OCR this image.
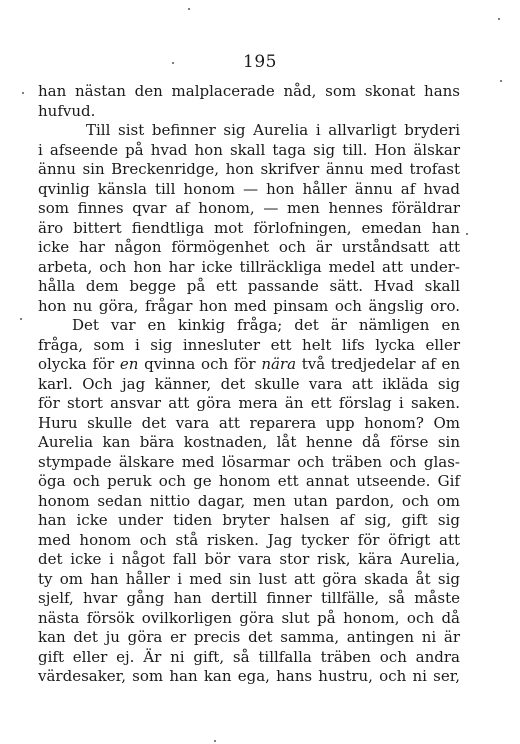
195
han nästan den malplacerade nåd, som skonat hans
hufvud.
Till sist befinner sig Aurelia i allvarligt bryderi
i afseende på hvad hon skall taga sig till. Hon älskar
ännu sin Breckenridge, hon skrifver ännu med trofast
qvinlig känsla till honom — hon håller ännu af hvad
som finnes qvar af honom, — men hennes föräldrar
äro bittert fiendtliga mot förlofningen, emedan han
icke har någon förmögenhet och är urståndsatt att
arbeta, och hon har icke tillräckliga medel att under-
hålla dem begge på ett passande sätt. Hvad skall
hon nu göra, frågar hon med pinsam och ängslig oro.
Det var en kinkig fråga; det är nämligen en
fråga, som i sig innesluter ett helt lifs lycka eller
olycka för en qvinna och för nära två tredjedelar af en
karl. Och jag känner, det skulle vara att ikläda sig
för stort ansvar att göra mera än ett förslag i saken.
Huru skulle det vara att reparera upp honom? Om
Aurelia kan bära kostnaden, låt henne då förse sin
stympade älskare med lösarmar och träben och glas-
öga och peruk och ge honom ett annat utseende. Gif
honom sedan nittio dagar, men utan pardon, och om
han icke under tiden bryter halsen af sig, gift sig
med honom och stå risken. Jag tycker för öfrigt att
det icke i något fall bör vara stor risk, kära Aurelia,
ty om han håller i med sin lust att göra skada åt sig
sjelf, hvar gång han dertill finner tillfälle, så måste
nästa försök ovilkorligen göra slut på honom, och då
kan det ju göra er precis det samma, antingen ni är
gift eller ej. Är ni gift, så tillfalla träben och andra
värdesaker, som han kan ega, hans hustru, och ni ser,
